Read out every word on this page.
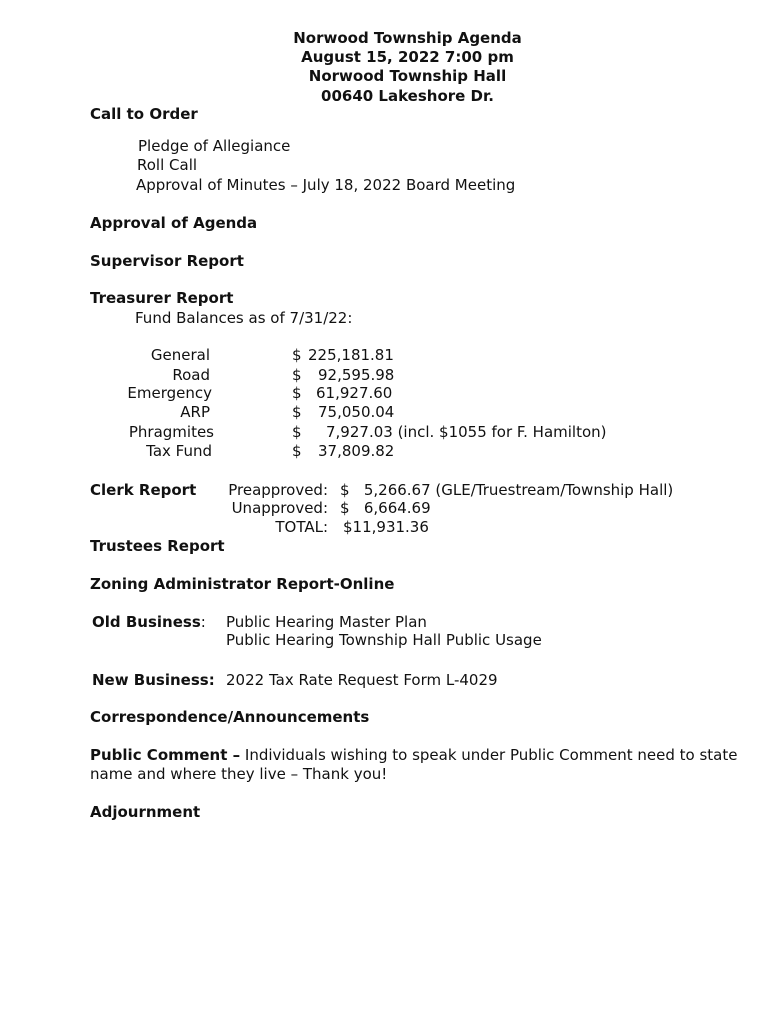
Norwood Township Agenda
August 15, 2022 7:00 pm
Norwood Township Hall
00640 Lakeshore Dr.
Call to Order
Pledge of Allegiance
Roll Call
Approval of Minutes – July 18, 2022 Board Meeting
Approval of Agenda
Supervisor Report
Treasurer Report
Fund Balances as of 7/31/22:
General	$ 225,181.81
Road	$ 92,595.98
Emergency	$ 61,927.60
ARP	$ 75,050.04
Phragmites	$ 7,927.03 (incl. $1055 for F. Hamilton)
Tax Fund	$ 37,809.82
Clerk Report	Preapproved: $   5,266.67 (GLE/Truestream/Township Hall)
Unapproved: $   6,664.69
TOTAL: $11,931.36
Trustees Report
Zoning Administrator Report-Online
Old Business: Public Hearing Master Plan
Public Hearing Township Hall Public Usage
New Business: 2022 Tax Rate Request Form L-4029
Correspondence/Announcements
Public Comment – Individuals wishing to speak under Public Comment need to state
name and where they live – Thank you!
Adjournment
